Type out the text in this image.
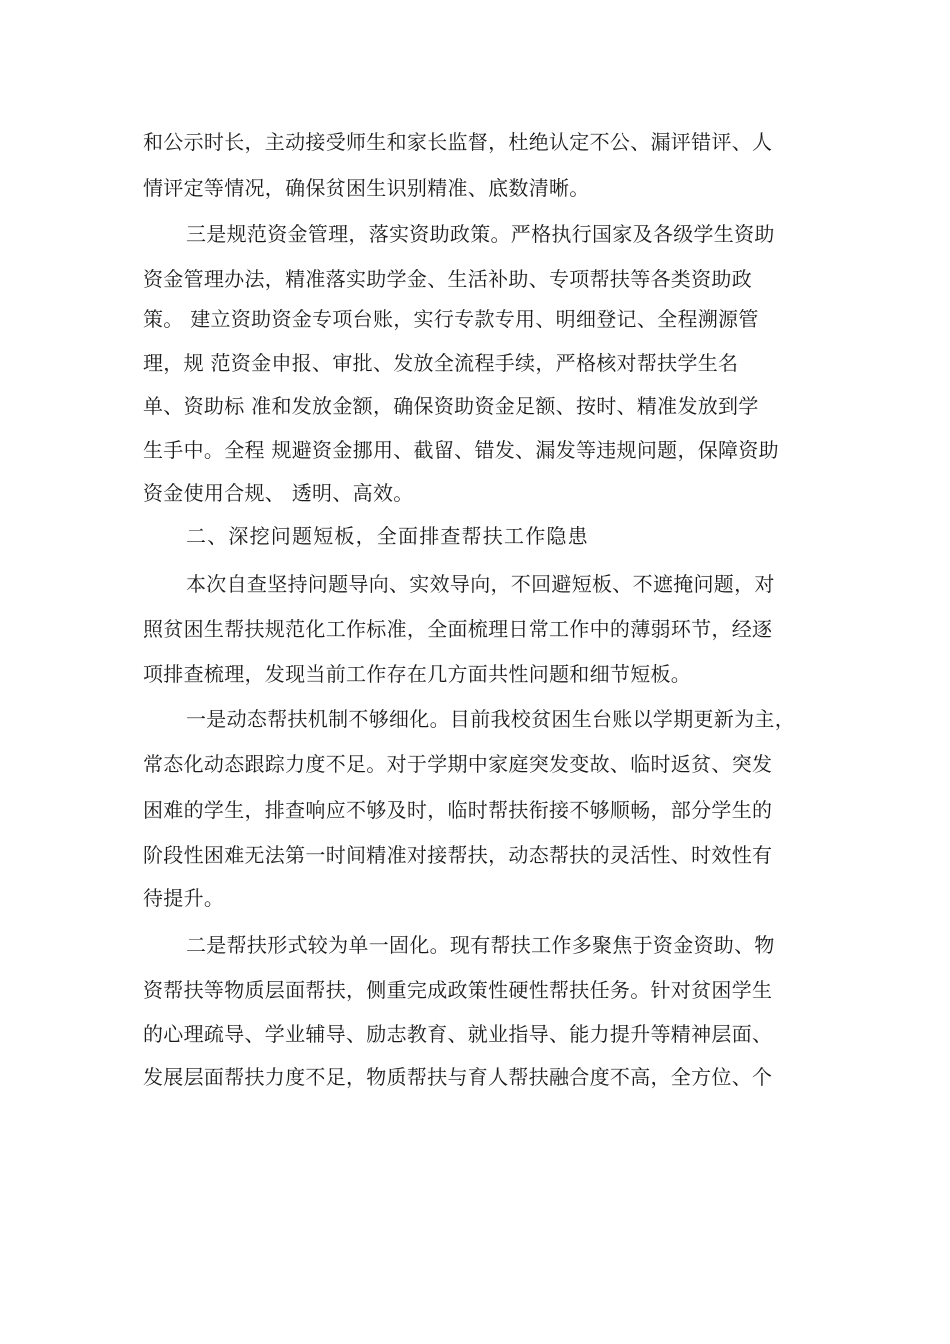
和公示时长，主动接受师生和家长监督，杜绝认定不公、漏评错评、人

情评定等情况，确保贫困生识别精准、底数清晰。

三是规范资金管理，落实资助政策。严格执行国家及各级学生资助

资金管理办法，精准落实助学金、生活补助、专项帮扶等各类资助政

策。 建立资助资金专项台账，实行专款专用、明细登记、全程溯源管

理，规 范资金申报、审批、发放全流程手续，严格核对帮扶学生名

单、资助标 准和发放金额，确保资助资金足额、按时、精准发放到学

生手中。全程 规避资金挪用、截留、错发、漏发等违规问题，保障资助

资金使用合规、 透明、高效。

二、深挖问题短板，全面排查帮扶工作隐患

本次自查坚持问题导向、实效导向，不回避短板、不遮掩问题，对

照贫困生帮扶规范化工作标准，全面梳理日常工作中的薄弱环节，经逐

项排查梳理，发现当前工作存在几方面共性问题和细节短板。

一是动态帮扶机制不够细化。目前我校贫困生台账以学期更新为主，

常态化动态跟踪力度不足。对于学期中家庭突发变故、临时返贫、突发

困难的学生，排查响应不够及时，临时帮扶衔接不够顺畅，部分学生的

阶段性困难无法第一时间精准对接帮扶，动态帮扶的灵活性、时效性有

待提升。

二是帮扶形式较为单一固化。现有帮扶工作多聚焦于资金资助、物

资帮扶等物质层面帮扶，侧重完成政策性硬性帮扶任务。针对贫困学生

的心理疏导、学业辅导、励志教育、就业指导、能力提升等精神层面、

发展层面帮扶力度不足，物质帮扶与育人帮扶融合度不高，全方位、个
